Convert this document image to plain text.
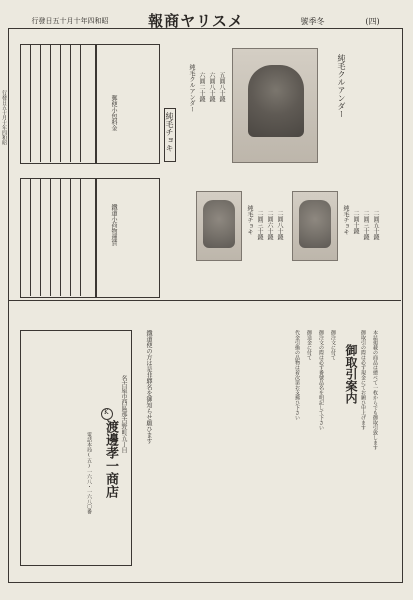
行發日五十月十年四和昭	報商ヤリスメ	號季冬	(四)
郵便小包料金
鐵道小荷物運賃
純毛クルアンダー
純毛クルアンダー 六圓二十錢 六圓八十錢 五圓八十錢
純毛チョキ
純毛チョキ 二圓三十錢 二圓六十錢 二圓八十錢	純毛チョキ 二圓十錢 二圓三十錢 二圓五十錢
鐡道便の方は是非驛名を御知らせ願ひます
名古屋市西區那古野町五丁目
渡邊孝一商店
電話本局(五)一六八・一六八〇番
K
御取引案内	本誌掲載の商品は總べて一枚からでも御取引致します
御取引の際は必ず現金にてお願ひ申上げます
御注文に付て
御注文の際は必ず番號品名を明記して下さい
御送金に付て
代金引換の品物は着次第お支拂ひ下さい
行發日五十月十年四和昭
